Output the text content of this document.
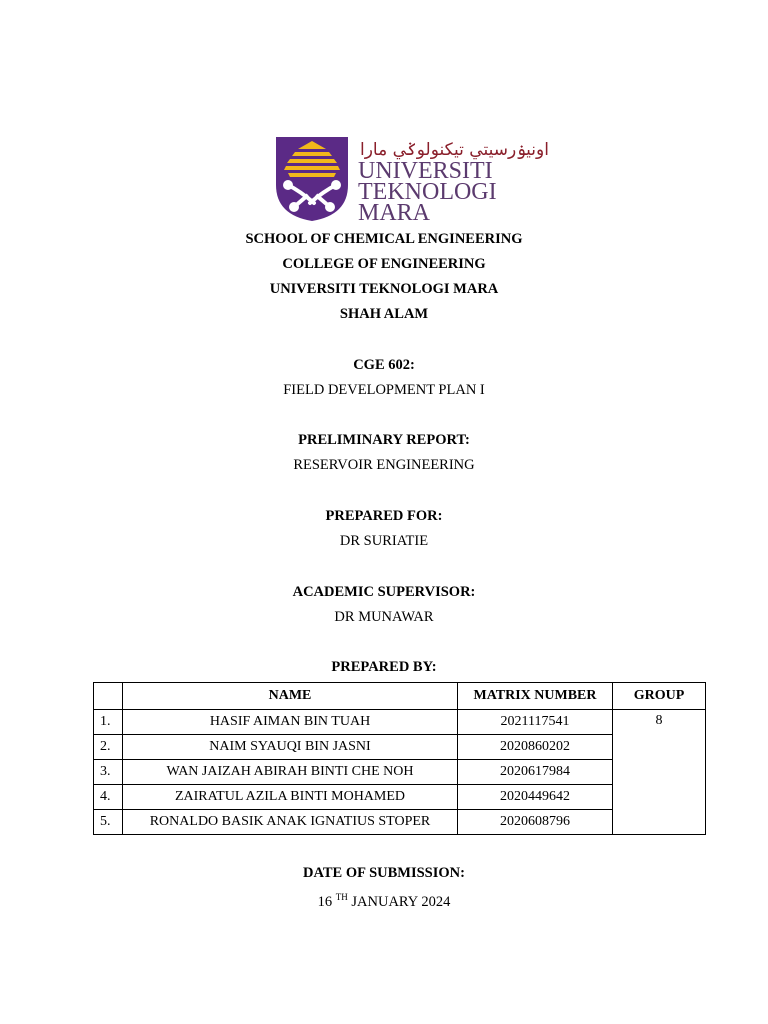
اونيۏرسيتي تيكنولوݢي مارا
UNIVERSITI
TEKNOLOGI
MARA
SCHOOL OF CHEMICAL ENGINEERING
COLLEGE OF ENGINEERING
UNIVERSITI TEKNOLOGI MARA
SHAH ALAM
CGE 602:
FIELD DEVELOPMENT PLAN I
PRELIMINARY REPORT:
RESERVOIR ENGINEERING
PREPARED FOR:
DR SURIATIE
ACADEMIC SUPERVISOR:
DR MUNAWAR
PREPARED BY:
	NAME	MATRIX NUMBER	GROUP
1.	HASIF AIMAN BIN TUAH	2021117541	8
2.	NAIM SYAUQI BIN JASNI	2020860202	
3.	WAN JAIZAH ABIRAH BINTI CHE NOH	2020617984	
4.	ZAIRATUL AZILA BINTI MOHAMED	2020449642	
5.	RONALDO BASIK ANAK IGNATIUS STOPER	2020608796	
DATE OF SUBMISSION:
16 $^{TH}$ JANUARY 2024
